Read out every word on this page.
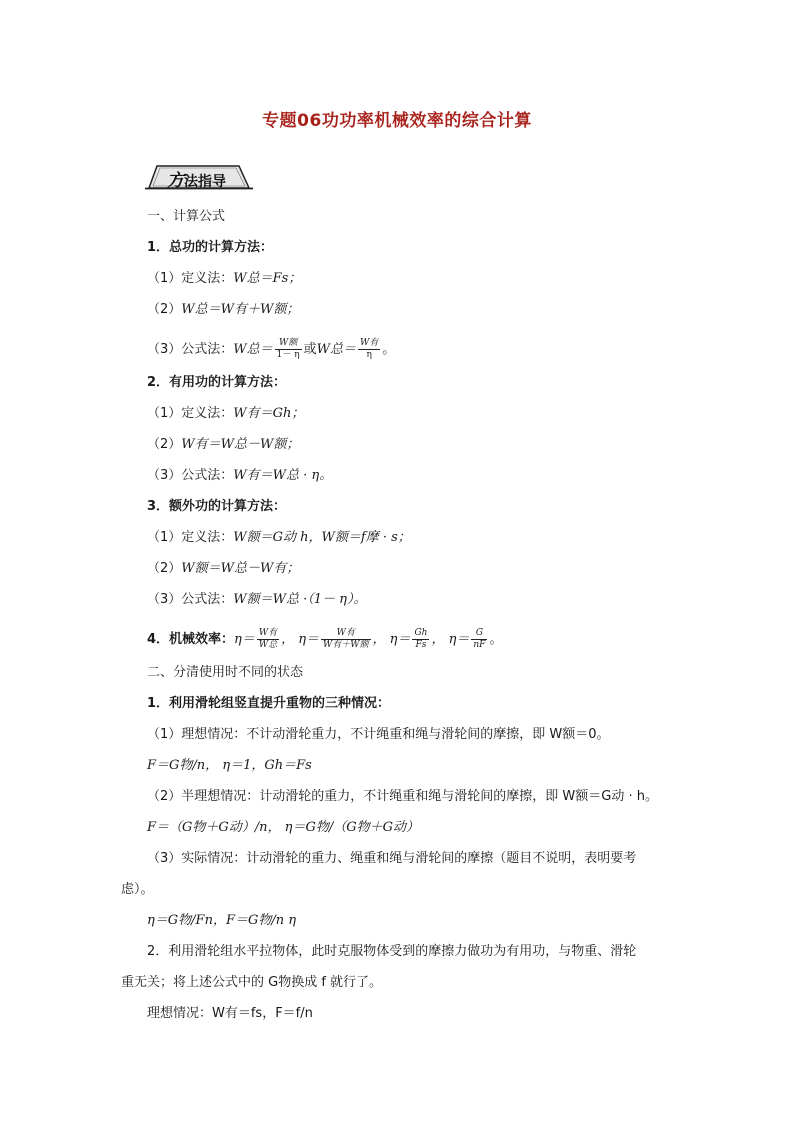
专题06功功率机械效率的综合计算
方法指导
一、计算公式
1．总功的计算方法：
（1）定义法：W总＝Fs；
（2）W总＝W有＋W额；
（3）公式法：W总＝ $\frac{\text{W额}}{1- \eta}$ 或W总＝ $\frac{\text{W有}}{\eta}$ 。
2．有用功的计算方法：
（1）定义法：W有＝Gh；
（2）W有＝W总－W额；
（3）公式法：W有＝W总 · η。
3．额外功的计算方法：
（1）定义法：W额＝G动 h，W额＝f摩 · s；
（2）W额＝W总－W有；
（3）公式法：W额＝W总 ·（1－ η）。
4．机械效率：$\eta= \frac{\text{W有}}{\text{W总}}$ ， $\eta= \frac{\text{W有}}{\text{W有＋W额}}$ ， $\eta= \frac{Gh}{Fs}$ ， $\eta= \frac{G}{nF}$ 。
二、分清使用时不同的状态
1．利用滑轮组竖直提升重物的三种情况：
（1）理想情况：不计动滑轮重力，不计绳重和绳与滑轮间的摩擦，即 W额＝0。
F＝G物/n， η＝1，Gh＝Fs
（2）半理想情况：计动滑轮的重力，不计绳重和绳与滑轮间的摩擦，即 W额＝G动 · h。
F＝（G物＋G动）/n， η＝G物/（G物＋G动）
（3）实际情况：计动滑轮的重力、绳重和绳与滑轮间的摩擦（题目不说明，表明要考
虑）。
η＝G物/Fn，F＝G物/n η
2．利用滑轮组水平拉物体，此时克服物体受到的摩擦力做功为有用功，与物重、滑轮
重无关；将上述公式中的 G物换成 f 就行了。
理想情况：W有＝fs，F＝f/n
